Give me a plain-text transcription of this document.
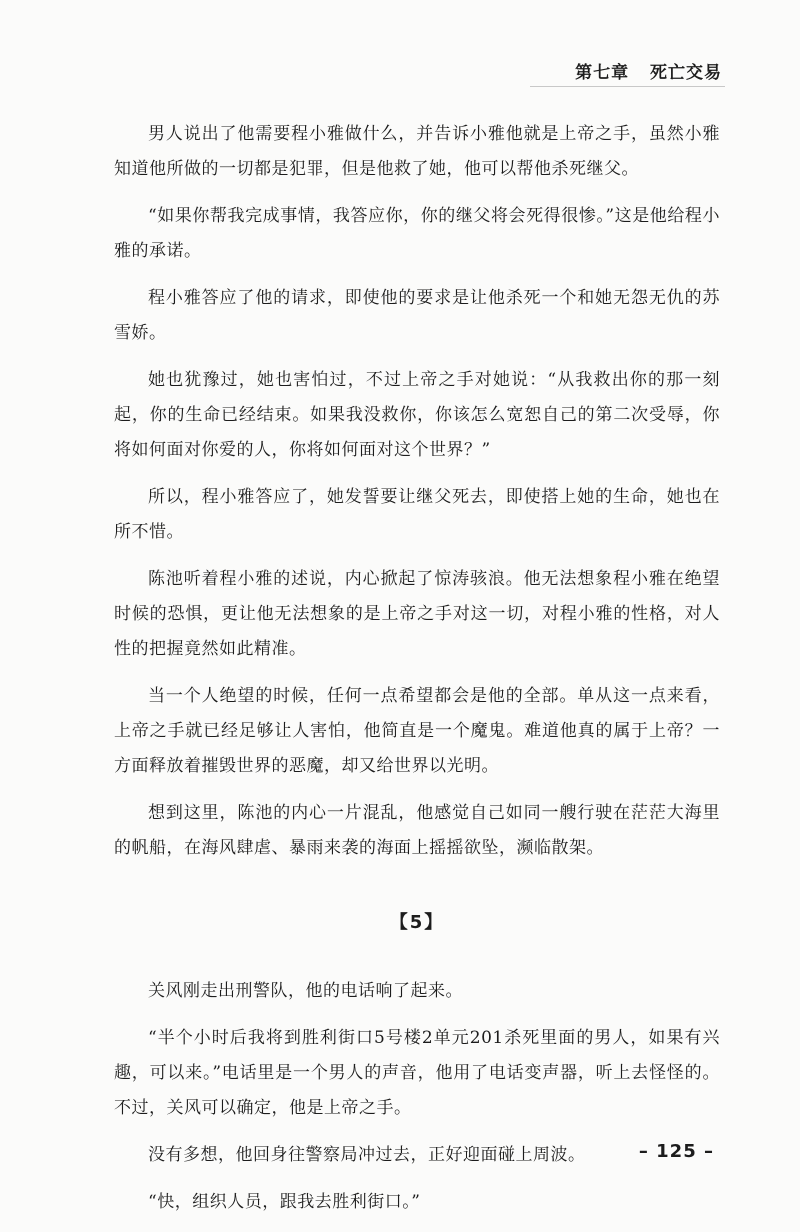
第七章 死亡交易

男人说出了他需要程小雅做什么，并告诉小雅他就是上帝之手，虽然小雅知道他所做的一切都是犯罪，但是他救了她，他可以帮他杀死继父。

“如果你帮我完成事情，我答应你，你的继父将会死得很惨。”这是他给程小雅的承诺。

程小雅答应了他的请求，即使他的要求是让他杀死一个和她无怨无仇的苏雪娇。

她也犹豫过，她也害怕过，不过上帝之手对她说：“从我救出你的那一刻起，你的生命已经结束。如果我没救你，你该怎么宽恕自己的第二次受辱，你将如何面对你爱的人，你将如何面对这个世界？”

所以，程小雅答应了，她发誓要让继父死去，即使搭上她的生命，她也在所不惜。

陈池听着程小雅的述说，内心掀起了惊涛骇浪。他无法想象程小雅在绝望时候的恐惧，更让他无法想象的是上帝之手对这一切，对程小雅的性格，对人性的把握竟然如此精准。

当一个人绝望的时候，任何一点希望都会是他的全部。单从这一点来看，上帝之手就已经足够让人害怕，他简直是一个魔鬼。难道他真的属于上帝？一方面释放着摧毁世界的恶魔，却又给世界以光明。

想到这里，陈池的内心一片混乱，他感觉自己如同一艘行驶在茫茫大海里的帆船，在海风肆虐、暴雨来袭的海面上摇摇欲坠，濒临散架。

【5】

关风刚走出刑警队，他的电话响了起来。

“半个小时后我将到胜利街口5号楼2单元201杀死里面的男人，如果有兴趣，可以来。”电话里是一个男人的声音，他用了电话变声器，听上去怪怪的。不过，关风可以确定，他是上帝之手。

没有多想，他回身往警察局冲过去，正好迎面碰上周波。

“快，组织人员，跟我去胜利街口。”

– 125 –
